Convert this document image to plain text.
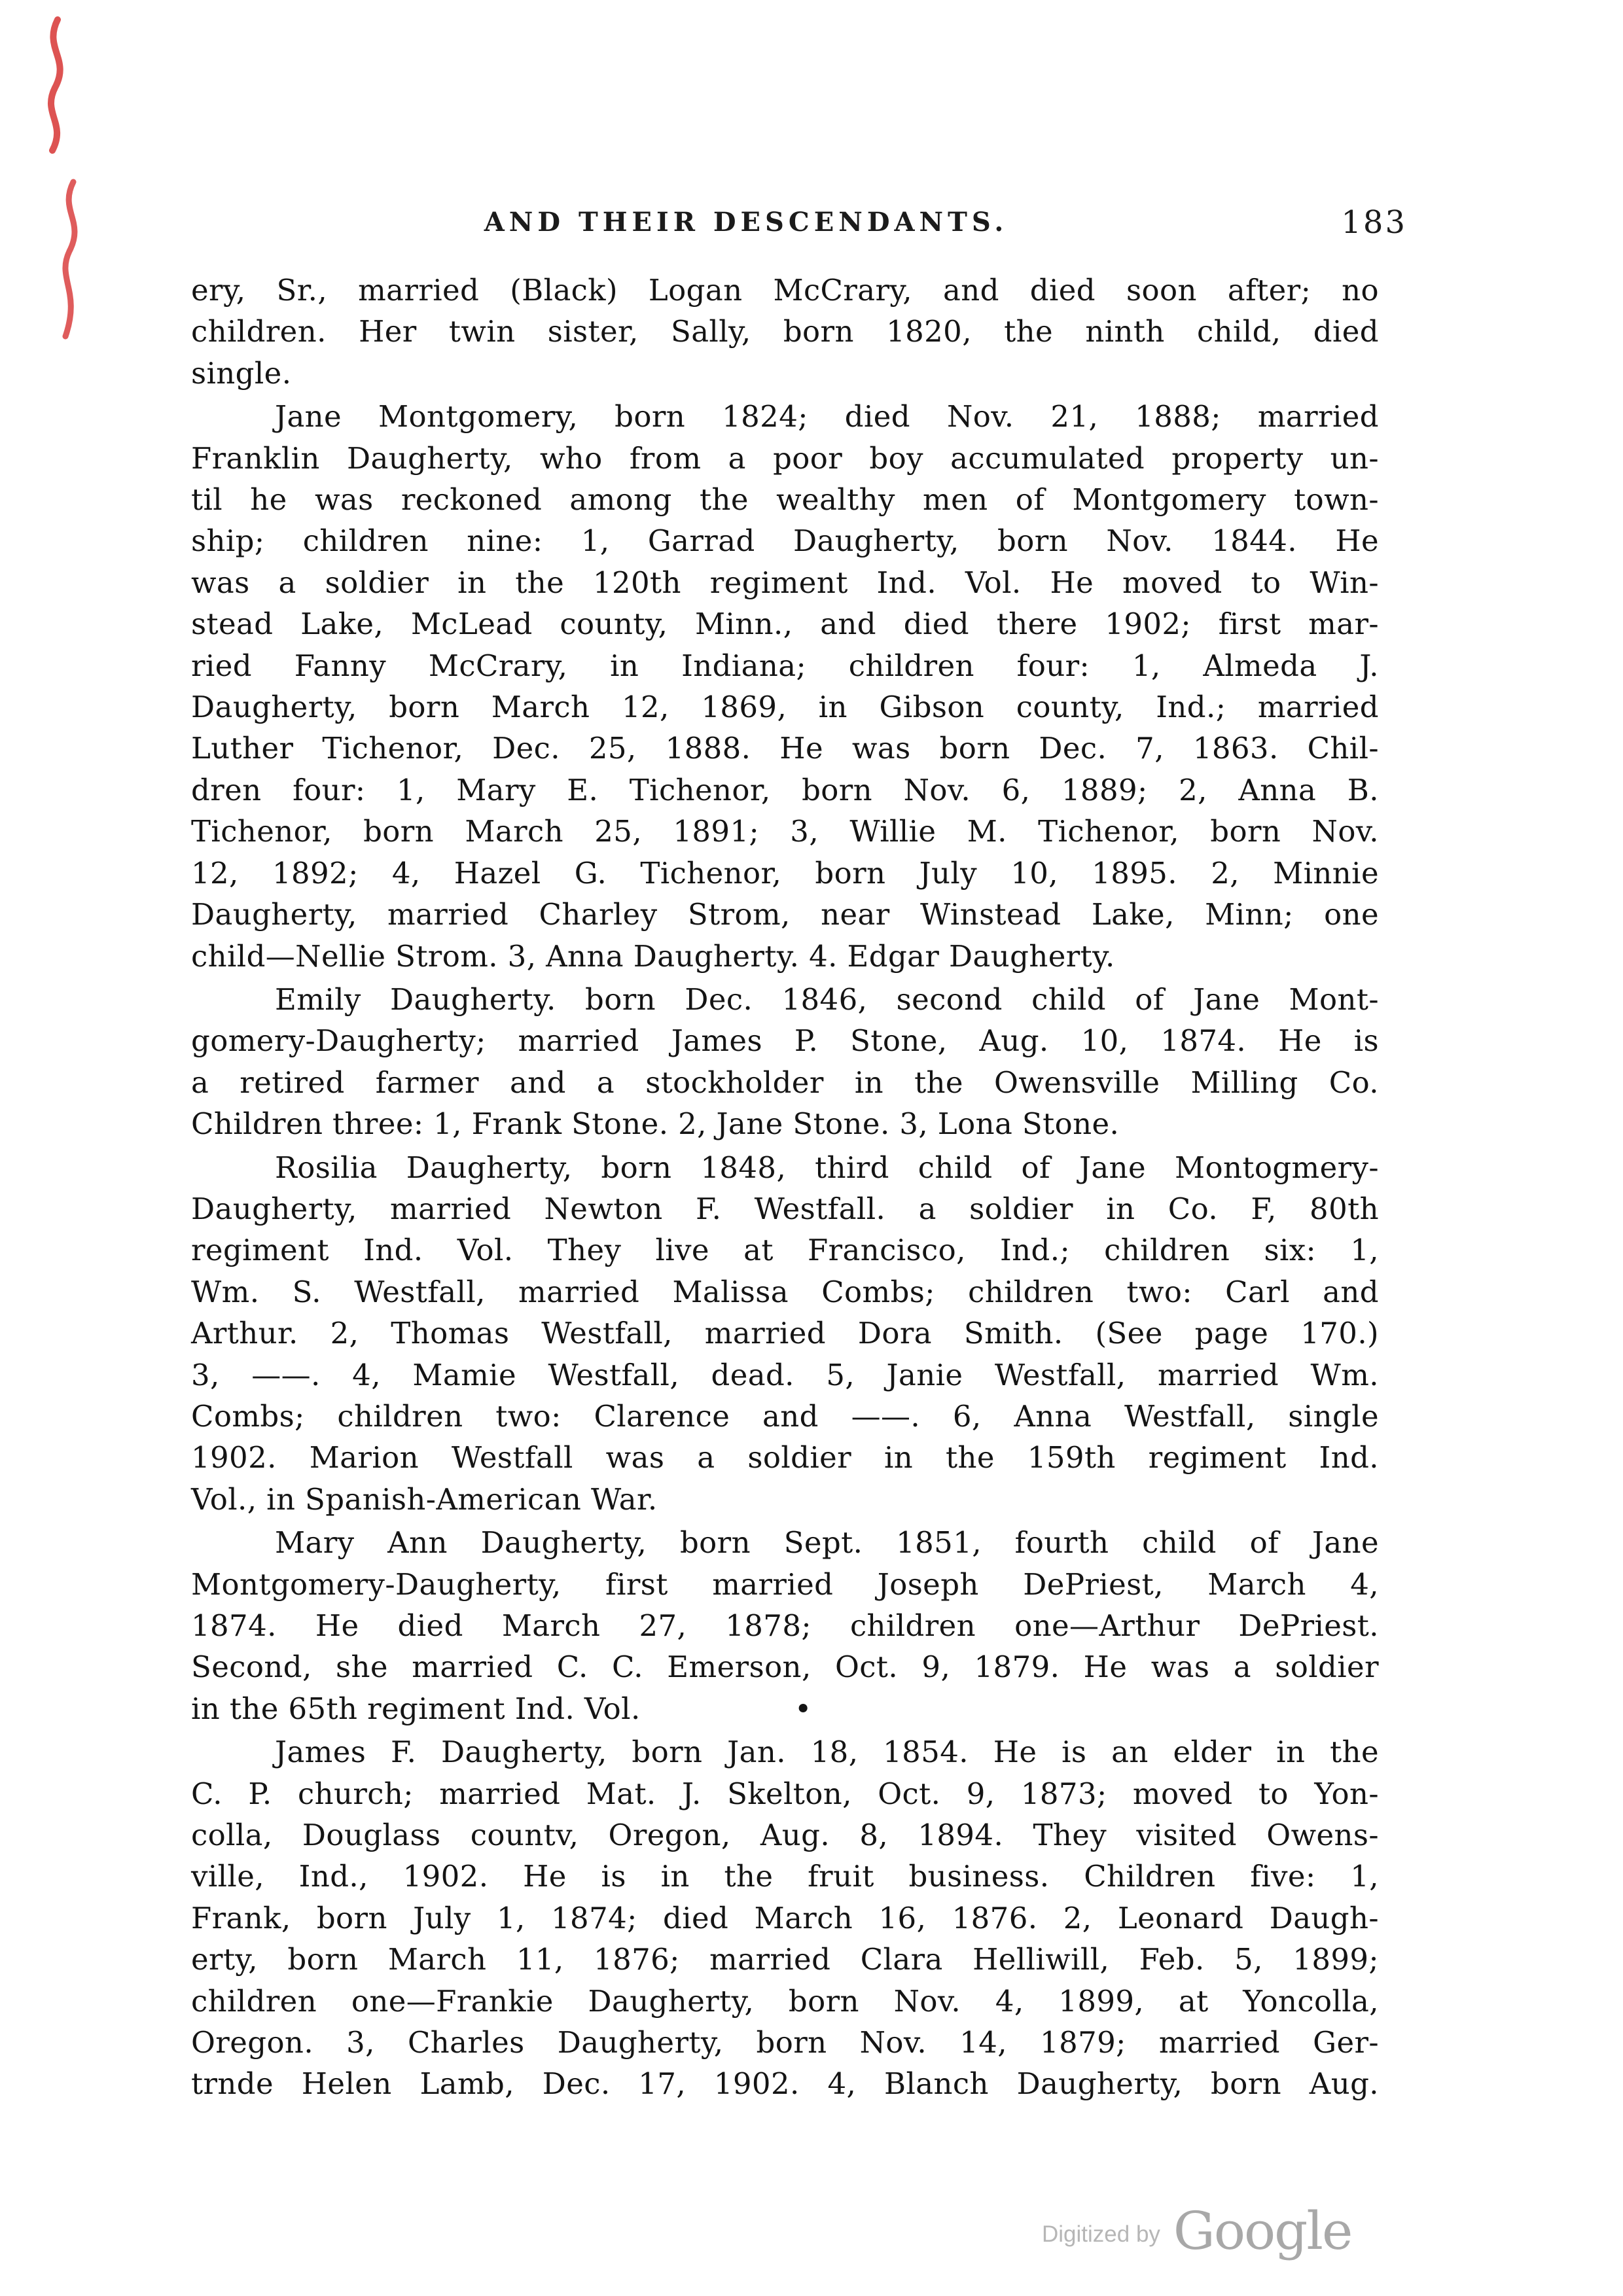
AND THEIR DESCENDANTS.	183
ery, Sr., married (Black) Logan McCrary, and died soon after; no
children. Her twin sister, Sally, born 1820, the ninth child, died
single.
Jane Montgomery, born 1824; died Nov. 21, 1888; married
Franklin Daugherty, who from a poor boy accumulated property un-
til he was reckoned among the wealthy men of Montgomery town-
ship; children nine: 1, Garrad Daugherty, born Nov. 1844. He
was a soldier in the 120th regiment Ind. Vol. He moved to Win-
stead Lake, McLead county, Minn., and died there 1902; first mar-
ried Fanny McCrary, in Indiana; children four: 1, Almeda J.
Daugherty, born March 12, 1869, in Gibson county, Ind.; married
Luther Tichenor, Dec. 25, 1888. He was born Dec. 7, 1863. Chil-
dren four: 1, Mary E. Tichenor, born Nov. 6, 1889; 2, Anna B.
Tichenor, born March 25, 1891; 3, Willie M. Tichenor, born Nov.
12, 1892; 4, Hazel G. Tichenor, born July 10, 1895. 2, Minnie
Daugherty, married Charley Strom, near Winstead Lake, Minn; one
child—Nellie Strom. 3, Anna Daugherty. 4. Edgar Daugherty.
Emily Daugherty. born Dec. 1846, second child of Jane Mont-
gomery-Daugherty; married James P. Stone, Aug. 10, 1874. He is
a retired farmer and a stockholder in the Owensville Milling Co.
Children three: 1, Frank Stone. 2, Jane Stone. 3, Lona Stone.
Rosilia Daugherty, born 1848, third child of Jane Montogmery-
Daugherty, married Newton F. Westfall. a soldier in Co. F, 80th
regiment Ind. Vol. They live at Francisco, Ind.; children six: 1,
Wm. S. Westfall, married Malissa Combs; children two: Carl and
Arthur. 2, Thomas Westfall, married Dora Smith. (See page 170.)
3, ——. 4, Mamie Westfall, dead. 5, Janie Westfall, married Wm.
Combs; children two: Clarence and ——. 6, Anna Westfall, single
1902. Marion Westfall was a soldier in the 159th regiment Ind.
Vol., in Spanish-American War.
Mary Ann Daugherty, born Sept. 1851, fourth child of Jane
Montgomery-Daugherty, first married Joseph DePriest, March 4,
1874. He died March 27, 1878; children one—Arthur DePriest.
Second, she married C. C. Emerson, Oct. 9, 1879. He was a soldier
in the 65th regiment Ind. Vol.                •
James F. Daugherty, born Jan. 18, 1854. He is an elder in the
C. P. church; married Mat. J. Skelton, Oct. 9, 1873; moved to Yon-
colla, Douglass countv, Oregon, Aug. 8, 1894. They visited Owens-
ville, Ind., 1902. He is in the fruit business. Children five: 1,
Frank, born July 1, 1874; died March 16, 1876. 2, Leonard Daugh-
erty, born March 11, 1876; married Clara Helliwill, Feb. 5, 1899;
children one—Frankie Daugherty, born Nov. 4, 1899, at Yoncolla,
Oregon. 3, Charles Daugherty, born Nov. 14, 1879; married Ger-
trnde Helen Lamb, Dec. 17, 1902. 4, Blanch Daugherty, born Aug.
Digitized by Google
